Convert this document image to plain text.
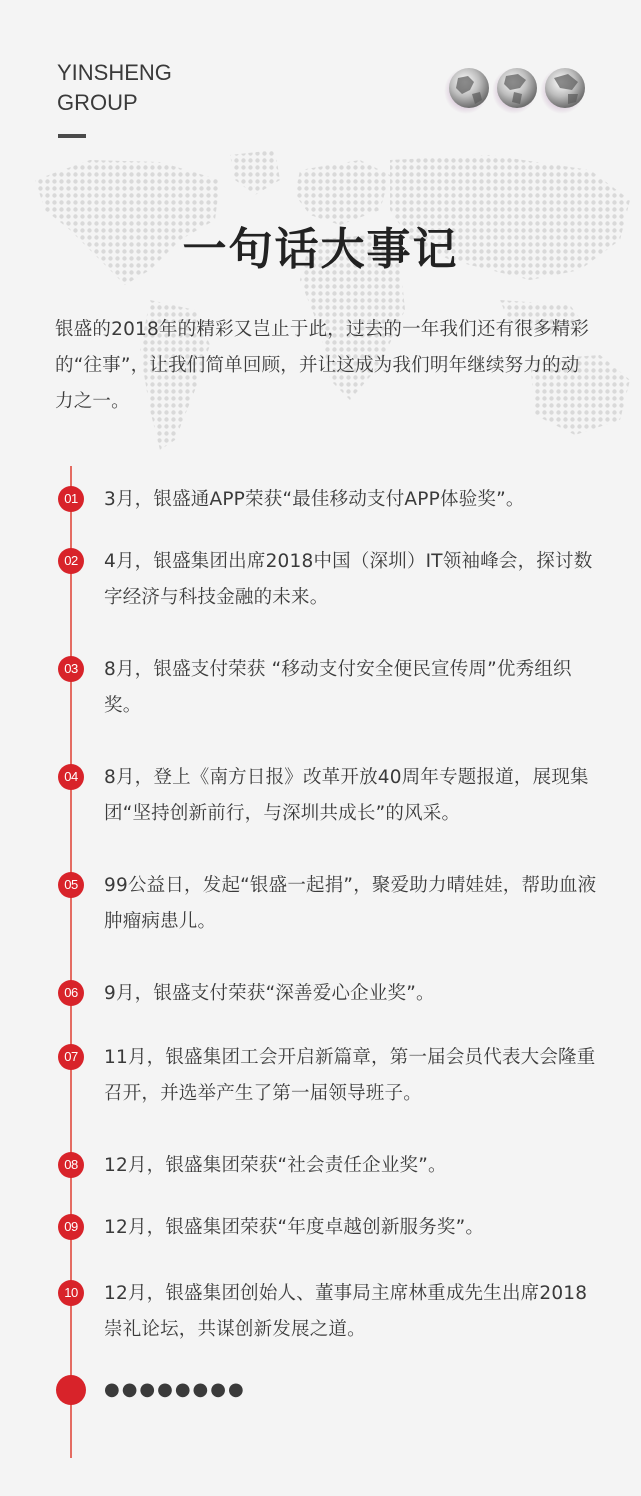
YINSHENG
GROUP
一句话大事记

银盛的2018年的精彩又岂止于此，过去的一年我们还有很多精彩的“往事”，让我们简单回顾，并让这成为我们明年继续努力的动力之一。

01	3月，银盛通APP荣获“最佳移动支付APP体验奖”。

02	4月，银盛集团出席2018中国（深圳）IT领袖峰会，探讨数字经济与科技金融的未来。

03	8月，银盛支付荣获 “移动支付安全便民宣传周”优秀组织奖。

04	8月，登上《南方日报》改革开放40周年专题报道，展现集团“坚持创新前行，与深圳共成长”的风采。

05	99公益日，发起“银盛一起捐”，聚爱助力晴娃娃，帮助血液肿瘤病患儿。

06	9月，银盛支付荣获“深善爱心企业奖”。

07	11月，银盛集团工会开启新篇章，第一届会员代表大会隆重召开，并选举产生了第一届领导班子。

08	12月，银盛集团荣获“社会责任企业奖”。

09	12月，银盛集团荣获“年度卓越创新服务奖”。

10	12月，银盛集团创始人、董事局主席林重成先生出席2018崇礼论坛，共谋创新发展之道。

●●●●●●●●
